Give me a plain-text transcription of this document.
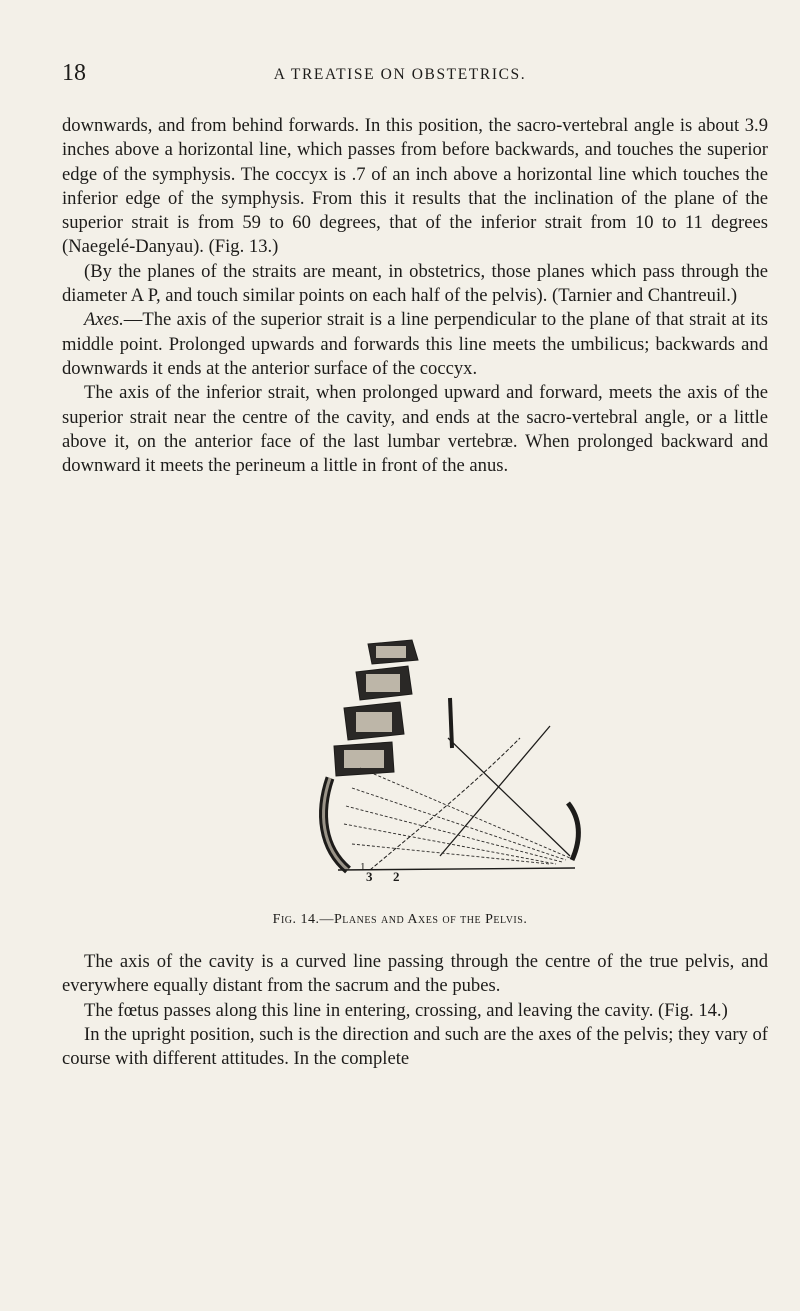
18	A TREATISE ON OBSTETRICS.

downwards, and from behind forwards. In this position, the sacro-vertebral angle is about 3.9 inches above a horizontal line, which passes from before backwards, and touches the superior edge of the symphysis. The coccyx is .7 of an inch above a horizontal line which touches the inferior edge of the symphysis. From this it results that the inclination of the plane of the superior strait is from 59 to 60 degrees, that of the inferior strait from 10 to 11 degrees (Naegelé-Danyau). (Fig. 13.)

(By the planes of the straits are meant, in obstetrics, those planes which pass through the diameter A P, and touch similar points on each half of the pelvis). (Tarnier and Chantreuil.)

Axes.—The axis of the superior strait is a line perpendicular to the plane of that strait at its middle point. Prolonged upwards and forwards this line meets the umbilicus; backwards and downwards it ends at the anterior surface of the coccyx.

The axis of the inferior strait, when prolonged upward and forward, meets the axis of the superior strait near the centre of the cavity, and ends at the sacro-vertebral angle, or a little above it, on the anterior face of the last lumbar vertebræ. When prolonged backward and downward it meets the perineum a little in front of the anus.

1
2
3
Fig. 14.—Planes and Axes of the Pelvis.

The axis of the cavity is a curved line passing through the centre of the true pelvis, and everywhere equally distant from the sacrum and the pubes.

The fœtus passes along this line in entering, crossing, and leaving the cavity. (Fig. 14.)

In the upright position, such is the direction and such are the axes of the pelvis; they vary of course with different attitudes. In the complete
